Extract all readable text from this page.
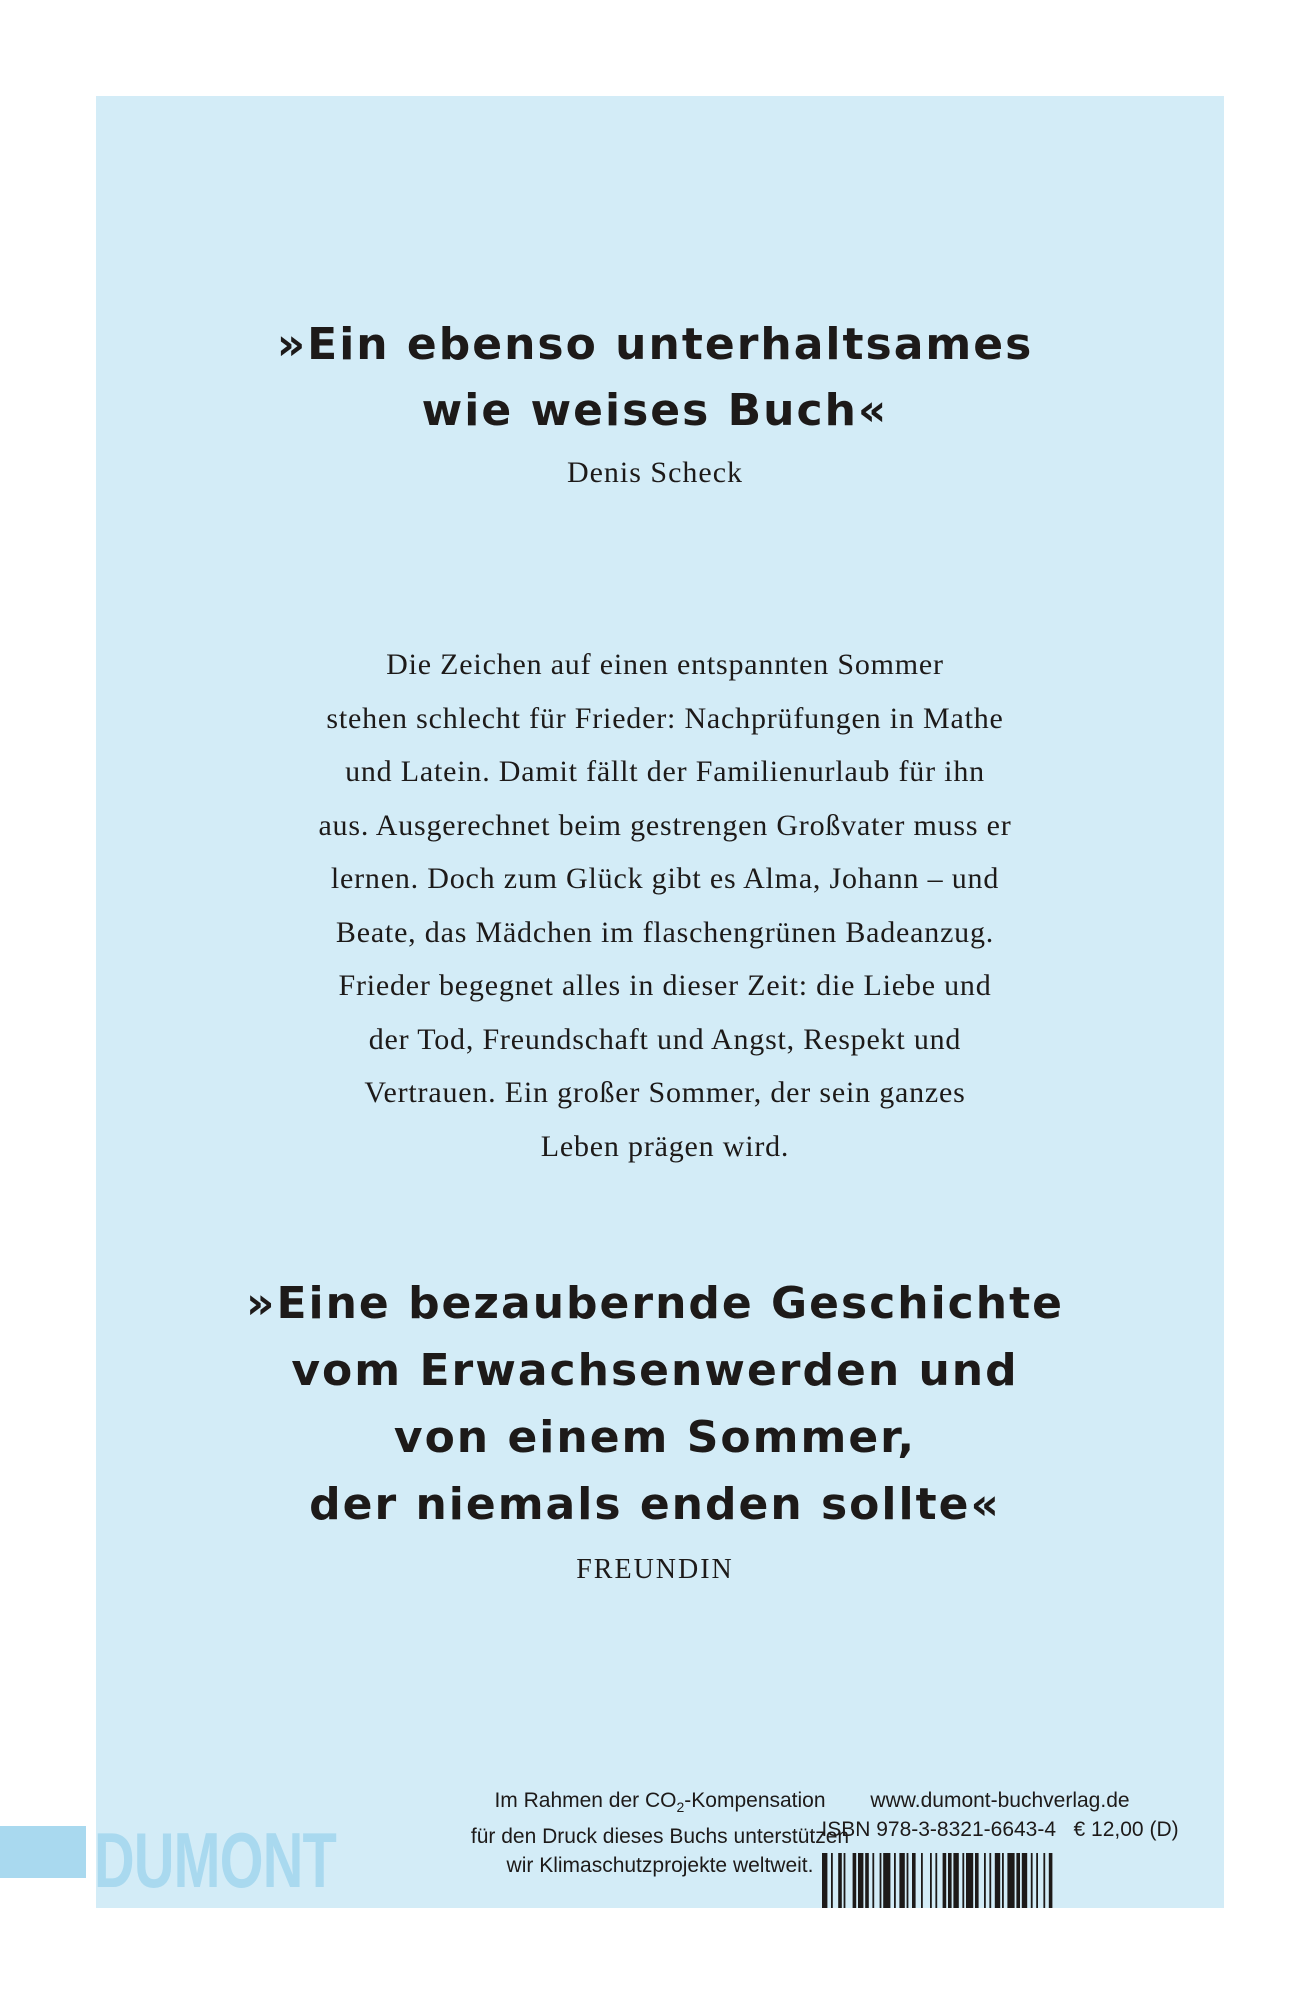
»Ein ebenso unterhaltsames
wie weises Buch«
Denis Scheck
Die Zeichen auf einen entspannten Sommer
stehen schlecht für Frieder: Nachprüfungen in Mathe
und Latein. Damit fällt der Familienurlaub für ihn
aus. Ausgerechnet beim gestrengen Großvater muss er
lernen. Doch zum Glück gibt es Alma, Johann – und
Beate, das Mädchen im flaschengrünen Badeanzug.
Frieder begegnet alles in dieser Zeit: die Liebe und
der Tod, Freundschaft und Angst, Respekt und
Vertrauen. Ein großer Sommer, der sein ganzes
Leben prägen wird.
»Eine bezaubernde Geschichte
vom Erwachsenwerden und
von einem Sommer,
der niemals enden sollte«
FREUNDIN
DUMONT
Im Rahmen der $CO_2$-Kompensation
für den Druck dieses Buchs unterstützen
wir Klimaschutzprojekte weltweit.
www.dumont-buchverlag.de
ISBN 978-3-8321-6643-4 € 12,00 (D)
